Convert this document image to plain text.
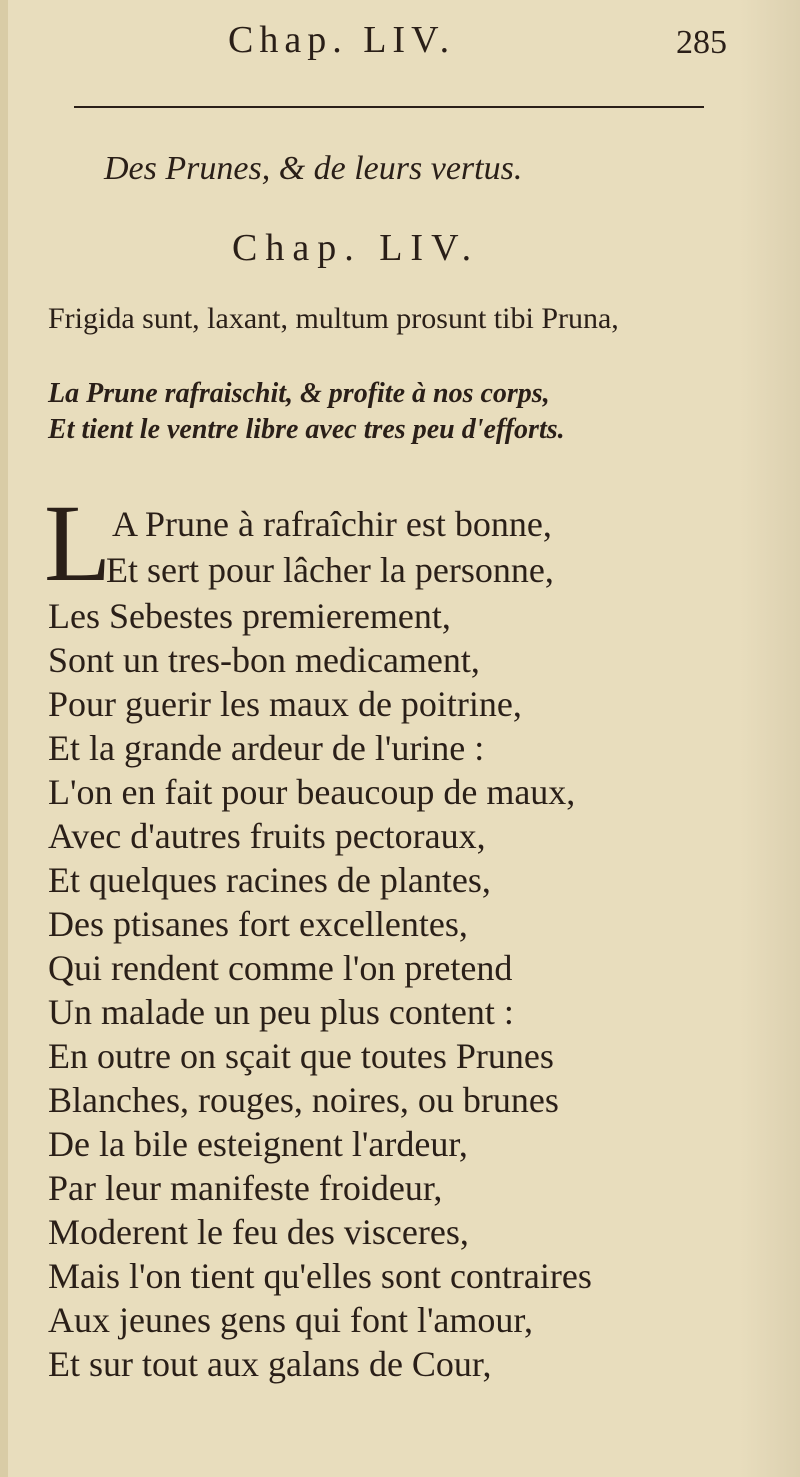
Chap. LIV.	285
Des Prunes, & de leurs vertus.
Chap. LIV.
Frigida sunt, laxant, multum prosunt tibi Pruna,
La Prune rafraischit, & profite à nos corps,
Et tient le ventre libre avec tres peu d'efforts.
L A Prune à rafraîchir est bonne,
Et sert pour lâcher la personne,
Les Sebestes premierement,
Sont un tres-bon medicament,
Pour guerir les maux de poitrine,
Et la grande ardeur de l'urine :
L'on en fait pour beaucoup de maux,
Avec d'autres fruits pectoraux,
Et quelques racines de plantes,
Des ptisanes fort excellentes,
Qui rendent comme l'on pretend
Un malade un peu plus content :
En outre on sçait que toutes Prunes
Blanches, rouges, noires, ou brunes
De la bile esteignent l'ardeur,
Par leur manifeste froideur,
Moderent le feu des visceres,
Mais l'on tient qu'elles sont contraires
Aux jeunes gens qui font l'amour,
Et sur tout aux galans de Cour,
